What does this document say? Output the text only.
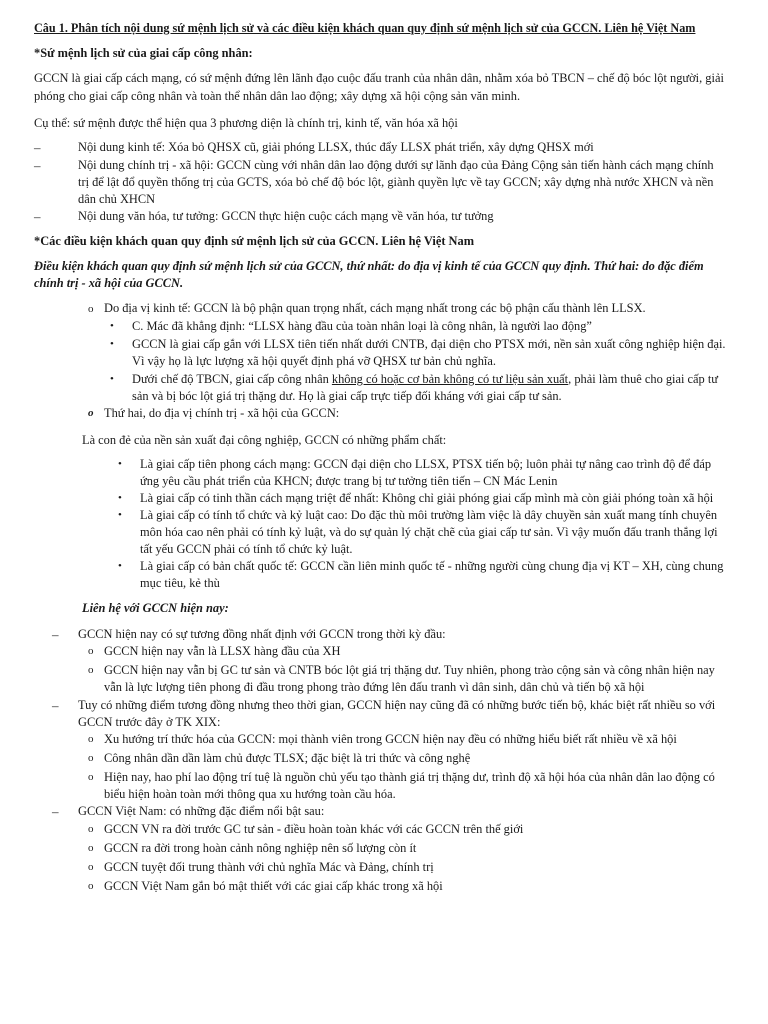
Câu 1. Phân tích nội dung sứ mệnh lịch sử và các điều kiện khách quan quy định sứ mệnh lịch sử của GCCN. Liên hệ Việt Nam
*Sứ mệnh lịch sử của giai cấp công nhân:
GCCN là giai cấp cách mạng, có sứ mệnh đứng lên lãnh đạo cuộc đấu tranh của nhân dân, nhằm xóa bỏ TBCN – chế độ bóc lột người, giải
phóng cho giai cấp công nhân và toàn thể nhân dân lao động; xây dựng xã hội cộng sản văn minh.
Cụ thể: sứ mệnh được thể hiện qua 3 phương diện là chính trị, kinh tế, văn hóa xã hội
–	Nội dung kinh tế: Xóa bỏ QHSX cũ, giải phóng LLSX, thúc đẩy LLSX phát triển, xây dựng QHSX mới
–	Nội dung chính trị - xã hội: GCCN cùng với nhân dân lao động dưới sự lãnh đạo của Đảng Cộng sản tiến hành cách mạng chính
trị để lật đổ quyền thống trị của GCTS, xóa bỏ chế độ bóc lột, giành quyền lực về tay GCCN; xây dựng nhà nước XHCN và nền
dân chủ XHCN
–	Nội dung văn hóa, tư tưởng: GCCN thực hiện cuộc cách mạng về văn hóa, tư tưởng
*Các điều kiện khách quan quy định sứ mệnh lịch sử của GCCN. Liên hệ Việt Nam
Điều kiện khách quan quy định sứ mệnh lịch sử của GCCN, thứ nhất: do địa vị kinh tế của GCCN quy định. Thứ hai: do đặc điểm
chính trị - xã hội của GCCN.
o Do địa vị kinh tế: GCCN là bộ phận quan trọng nhất, cách mạng nhất trong các bộ phận cấu thành lên LLSX.
• C. Mác đã khẳng định: “LLSX hàng đầu của toàn nhân loại là công nhân, là người lao động”
• GCCN là giai cấp gắn với LLSX tiên tiến nhất dưới CNTB, đại diện cho PTSX mới, nền sản xuất công nghiệp hiện đại.
Vì vậy họ là lực lượng xã hội quyết định phá vỡ QHSX tư bản chủ nghĩa.
• Dưới chế độ TBCN, giai cấp công nhân không có hoặc cơ bản không có tư liệu sản xuất, phải làm thuê cho giai cấp tư
sản và bị bóc lột giá trị thặng dư. Họ là giai cấp trực tiếp đối kháng với giai cấp tư sản.
o Thứ hai, do địa vị chính trị - xã hội của GCCN:
Là con đẻ của nền sản xuất đại công nghiệp, GCCN có những phẩm chất:
• Là giai cấp tiên phong cách mạng: GCCN đại diện cho LLSX, PTSX tiến bộ; luôn phải tự nâng cao trình độ để đáp
ứng yêu cầu phát triển của KHCN; được trang bị tư tưởng tiên tiến – CN Mác Lenin
• Là giai cấp có tinh thần cách mạng triệt để nhất: Không chỉ giải phóng giai cấp mình mà còn giải phóng toàn xã hội
• Là giai cấp có tính tổ chức và kỷ luật cao: Do đặc thù môi trường làm việc là dây chuyền sản xuất mang tính chuyên
môn hóa cao nên phải có tính kỷ luật, và do sự quản lý chặt chẽ của giai cấp tư sản. Vì vậy muốn đấu tranh thắng lợi
tất yếu GCCN phải có tính tổ chức kỷ luật.
• Là giai cấp có bản chất quốc tế: GCCN cần liên minh quốc tế - những người cùng chung địa vị KT – XH, cùng chung
mục tiêu, kẻ thù
Liên hệ với GCCN hiện nay:
– GCCN hiện nay có sự tương đồng nhất định với GCCN trong thời kỳ đầu:
o GCCN hiện nay vẫn là LLSX hàng đầu của XH
o GCCN hiện nay vẫn bị GC tư sản và CNTB bóc lột giá trị thặng dư. Tuy nhiên, phong trào cộng sản và công nhân hiện nay
vẫn là lực lượng tiên phong đi đầu trong phong trào đứng lên đấu tranh vì dân sinh, dân chủ và tiến bộ xã hội
– Tuy có những điểm tương đồng nhưng theo thời gian, GCCN hiện nay cũng đã có những bước tiến bộ, khác biệt rất nhiều so với
GCCN trước đây ở TK XIX:
o Xu hướng trí thức hóa của GCCN: mọi thành viên trong GCCN hiện nay đều có những hiểu biết rất nhiều về xã hội
o Công nhân dần dần làm chủ được TLSX; đặc biệt là tri thức và công nghệ
o Hiện nay, hao phí lao động trí tuệ là nguồn chủ yếu tạo thành giá trị thặng dư, trình độ xã hội hóa của nhân dân lao động có
biểu hiện hoàn toàn mới thông qua xu hướng toàn cầu hóa.
– GCCN Việt Nam: có những đặc điểm nổi bật sau:
o GCCN VN ra đời trước GC tư sản - điều hoàn toàn khác với các GCCN trên thế giới
o GCCN ra đời trong hoàn cảnh nông nghiệp nên số lượng còn ít
o GCCN tuyệt đối trung thành với chủ nghĩa Mác và Đảng, chính trị
o GCCN Việt Nam gắn bó mật thiết với các giai cấp khác trong xã hội
